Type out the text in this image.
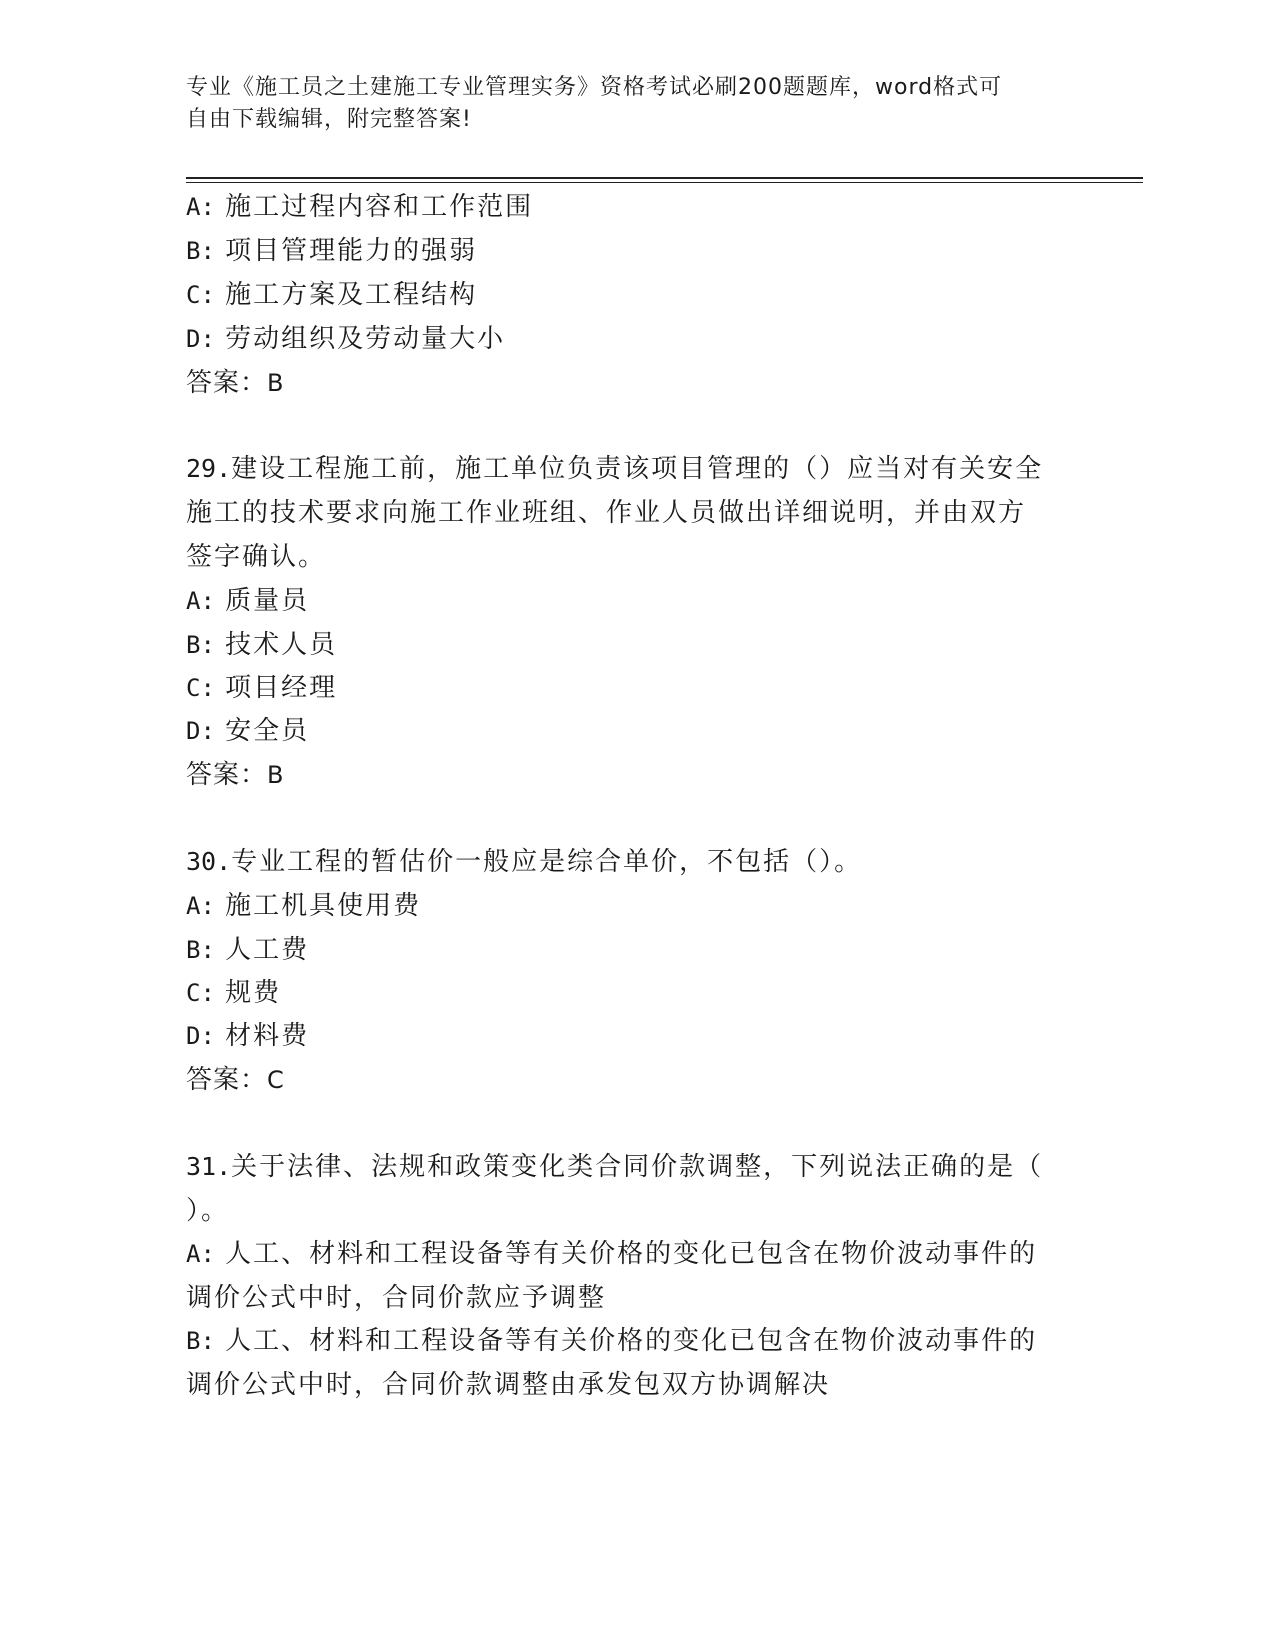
专业《施工员之土建施工专业管理实务》资格考试必刷200题题库，word格式可
自由下载编辑，附完整答案!
A: 施工过程内容和工作范围
B: 项目管理能力的强弱
C: 施工方案及工程结构
D: 劳动组织及劳动量大小
答案：B
29.建设工程施工前，施工单位负责该项目管理的（）应当对有关安全
施工的技术要求向施工作业班组、作业人员做出详细说明，并由双方
签字确认。
A: 质量员
B: 技术人员
C: 项目经理
D: 安全员
答案：B
30.专业工程的暂估价一般应是综合单价，不包括（）。
A: 施工机具使用费
B: 人工费
C: 规费
D: 材料费
答案：C
31.关于法律、法规和政策变化类合同价款调整，下列说法正确的是（
）。
A: 人工、材料和工程设备等有关价格的变化已包含在物价波动事件的
调价公式中时，合同价款应予调整
B: 人工、材料和工程设备等有关价格的变化已包含在物价波动事件的
调价公式中时，合同价款调整由承发包双方协调解决
